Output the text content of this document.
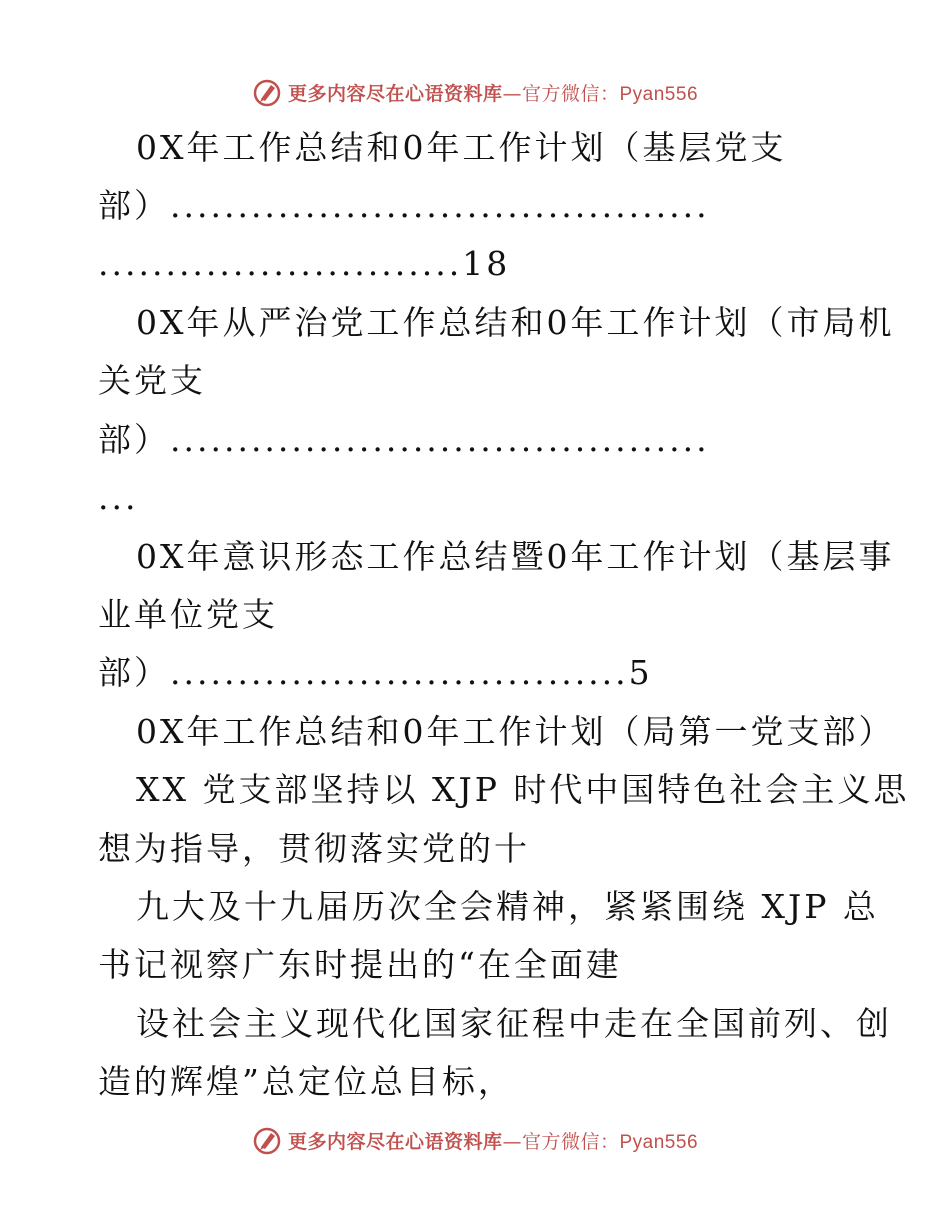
更多内容尽在心语资料库—官方微信：Pyan556
0X年工作总结和0年工作计划（基层党支
部）........................................
...........................18
0X年从严治党工作总结和0年工作计划（市局机
关党支
部）........................................
...
0X年意识形态工作总结暨0年工作计划（基层事
业单位党支
部）..................................5
0X年工作总结和0年工作计划（局第一党支部）
XX 党支部坚持以 XJP 时代中国特色社会主义思
想为指导，贯彻落实党的十
九大及十九届历次全会精神，紧紧围绕 XJP 总
书记视察广东时提出的“在全面建
设社会主义现代化国家征程中走在全国前列、创
造的辉煌”总定位总目标，
更多内容尽在心语资料库—官方微信：Pyan556
